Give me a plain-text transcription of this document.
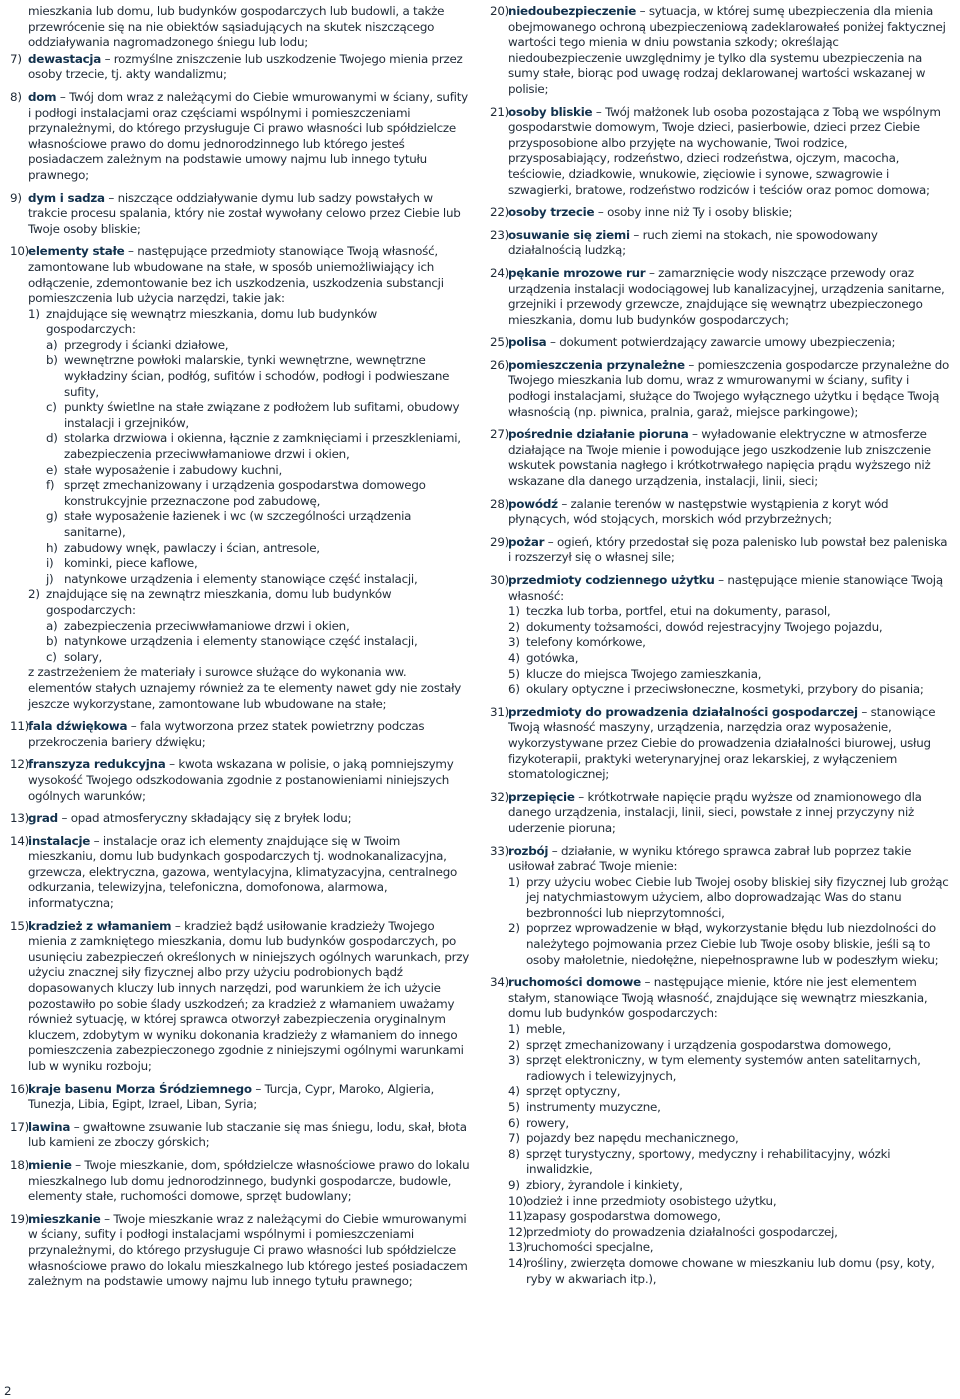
mieszkania lub domu, lub budynków gospodarczych lub budowli, a także przewrócenie się na nie obiektów sąsiadujących na skutek niszczącego oddziaływania nagromadzonego śniegu lub lodu;

7) dewastacja – rozmyślne zniszczenie lub uszkodzenie Twojego mienia przez osoby trzecie, tj. akty wandalizmu;
8) dom – Twój dom wraz z należącymi do Ciebie wmurowanymi w ściany, sufity i podłogi instalacjami oraz częściami wspólnymi i pomieszczeniami przynależnymi, do którego przysługuje Ci prawo własności lub spółdzielcze własnościowe prawo do domu jednorodzinnego lub którego jesteś posiadaczem zależnym na podstawie umowy najmu lub innego tytułu prawnego;
9) dym i sadza – niszczące oddziaływanie dymu lub sadzy powstałych w trakcie procesu spalania, który nie został wywołany celowo przez Ciebie lub Twoje osoby bliskie;
10)
elementy stałe – następujące przedmioty stanowiące Twoją własność, zamontowane lub wbudowane na stałe, w sposób uniemożliwiający ich odłączenie, zdemontowanie bez ich uszkodzenia, uszkodzenia substancji pomieszczenia lub użycia narzędzi, takie jak:
1) znajdujące się wewnątrz mieszkania, domu lub budynków gospodarczych:
a) przegrody i ścianki działowe,
b) wewnętrzne powłoki malarskie, tynki wewnętrzne, wewnętrzne wykładziny ścian, podłóg, sufitów i schodów, podłogi i podwieszane sufity,
c) punkty świetlne na stałe związane z podłożem lub sufitami, obudowy instalacji i grzejników,
d) stolarka drzwiowa i okienna, łącznie z zamknięciami i przeszkleniami, zabezpieczenia przeciwwłamaniowe drzwi i okien,
e) stałe wyposażenie i zabudowy kuchni,
f) sprzęt zmechanizowany i urządzenia gospodarstwa domowego konstrukcyjnie przeznaczone pod zabudowę,
g) stałe wyposażenie łazienek i wc (w szczególności urządzenia sanitarne),
h) zabudowy wnęk, pawlaczy i ścian, antresole,
i) kominki, piece kaflowe,
j) natynkowe urządzenia i elementy stanowiące część instalacji,
2) znajdujące się na zewnątrz mieszkania, domu lub budynków gospodarczych:
a) zabezpieczenia przeciwwłamaniowe drzwi i okien,
b) natynkowe urządzenia i elementy stanowiące część instalacji,
c) solary,

z zastrzeżeniem że materiały i surowce służące do wykonania ww. elementów stałych uznajemy również za te elementy nawet gdy nie zostały jeszcze wykorzystane, zamontowane lub wbudowane na stałe;

11)
fala dźwiękowa – fala wytworzona przez statek powietrzny podczas przekroczenia bariery dźwięku;
12)
franszyza redukcyjna – kwota wskazana w polisie, o jaką pomniejszymy wysokość Twojego odszkodowania zgodnie z postanowieniami niniejszych ogólnych warunków;
13)
grad – opad atmosferyczny składający się z bryłek lodu;
14)
instalacje – instalacje oraz ich elementy znajdujące się w Twoim mieszkaniu, domu lub budynkach gospodarczych tj. wodnokanalizacyjna, grzewcza, elektryczna, gazowa, wentylacyjna, klimatyzacyjna, centralnego odkurzania, telewizyjna, telefoniczna, domofonowa, alarmowa, informatyczna;
15)
kradzież z włamaniem – kradzież bądź usiłowanie kradzieży Twojego mienia z zamkniętego mieszkania, domu lub budynków gospodarczych, po usunięciu zabezpieczeń określonych w niniejszych ogólnych warunkach, przy użyciu znacznej siły fizycznej albo przy użyciu podrobionych bądź dopasowanych kluczy lub innych narzędzi, pod warunkiem że ich użycie pozostawiło po sobie ślady uszkodzeń; za kradzież z włamaniem uważamy również sytuację, w której sprawca otworzył zabezpieczenia oryginalnym kluczem, zdobytym w wyniku dokonania kradzieży z włamaniem do innego pomieszczenia zabezpieczonego zgodnie z niniejszymi ogólnymi warunkami lub w wyniku rozboju;
16)
kraje basenu Morza Śródziemnego – Turcja, Cypr, Maroko, Algieria, Tunezja, Libia, Egipt, Izrael, Liban, Syria;
17)
lawina – gwałtowne zsuwanie lub staczanie się mas śniegu, lodu, skał, błota lub kamieni ze zboczy górskich;
18)
mienie – Twoje mieszkanie, dom, spółdzielcze własnościowe prawo do lokalu mieszkalnego lub domu jednorodzinnego, budynki gospodarcze, budowle, elementy stałe, ruchomości domowe, sprzęt budowlany;
19)
mieszkanie – Twoje mieszkanie wraz z należącymi do Ciebie wmurowanymi w ściany, sufity i podłogi instalacjami wspólnymi i pomieszczeniami przynależnymi, do którego przysługuje Ci prawo własności lub spółdzielcze własnościowe prawo do lokalu mieszkalnego lub którego jesteś posiadaczem zależnym na podstawie umowy najmu lub innego tytułu prawnego;
20)
niedoubezpieczenie – sytuacja, w której sumę ubezpieczenia dla mienia obejmowanego ochroną ubezpieczeniową zadeklarowałeś poniżej faktycznej wartości tego mienia w dniu powstania szkody; określając niedoubezpieczenie uwzględnimy je tylko dla systemu ubezpieczenia na sumy stałe, biorąc pod uwagę rodzaj deklarowanej wartości wskazanej w polisie;
21)
osoby bliskie – Twój małżonek lub osoba pozostająca z Tobą we wspólnym gospodarstwie domowym, Twoje dzieci, pasierbowie, dzieci przez Ciebie przysposobione albo przyjęte na wychowanie, Twoi rodzice, przysposabiający, rodzeństwo, dzieci rodzeństwa, ojczym, macocha, teściowie, dziadkowie, wnukowie, zięciowie i synowe, szwagrowie i szwagierki, bratowe, rodzeństwo rodziców i teściów oraz pomoc domowa;
22)
osoby trzecie – osoby inne niż Ty i osoby bliskie;
23)
osuwanie się ziemi – ruch ziemi na stokach, nie spowodowany działalnością ludzką;
24)
pękanie mrozowe rur – zamarznięcie wody niszczące przewody oraz urządzenia instalacji wodociągowej lub kanalizacyjnej, urządzenia sanitarne, grzejniki i przewody grzewcze, znajdujące się wewnątrz ubezpieczonego mieszkania, domu lub budynków gospodarczych;
25)
polisa – dokument potwierdzający zawarcie umowy ubezpieczenia;
26)
pomieszczenia przynależne – pomieszczenia gospodarcze przynależne do Twojego mieszkania lub domu, wraz z wmurowanymi w ściany, sufity i podłogi instalacjami, służące do Twojego wyłącznego użytku i będące Twoją własnością (np. piwnica, pralnia, garaż, miejsce parkingowe);
27)
pośrednie działanie pioruna – wyładowanie elektryczne w atmosferze działające na Twoje mienie i powodujące jego uszkodzenie lub zniszczenie wskutek powstania nagłego i krótkotrwałego napięcia prądu wyższego niż wskazane dla danego urządzenia, instalacji, linii, sieci;
28)
powódź – zalanie terenów w następstwie wystąpienia z koryt wód płynących, wód stojących, morskich wód przybrzeżnych;
29)
pożar – ogień, który przedostał się poza palenisko lub powstał bez paleniska i rozszerzył się o własnej sile;
30)
przedmioty codziennego użytku – następujące mienie stanowiące Twoją własność:
1) teczka lub torba, portfel, etui na dokumenty, parasol,
2) dokumenty tożsamości, dowód rejestracyjny Twojego pojazdu,
3) telefony komórkowe,
4) gotówka,
5) klucze do miejsca Twojego zamieszkania,
6) okulary optyczne i przeciwsłoneczne, kosmetyki, przybory do pisania;
31)
przedmioty do prowadzenia działalności gospodarczej – stanowiące Twoją własność maszyny, urządzenia, narzędzia oraz wyposażenie, wykorzystywane przez Ciebie do prowadzenia działalności biurowej, usług fizykoterapii, praktyki weterynaryjnej oraz lekarskiej, z wyłączeniem stomatologicznej;
32)
przepięcie – krótkotrwałe napięcie prądu wyższe od znamionowego dla danego urządzenia, instalacji, linii, sieci, powstałe z innej przyczyny niż uderzenie pioruna;
33)
rozbój – działanie, w wyniku którego sprawca zabrał lub poprzez takie usiłował zabrać Twoje mienie:
1) przy użyciu wobec Ciebie lub Twojej osoby bliskiej siły fizycznej lub grożąc jej natychmiastowym użyciem, albo doprowadzając Was do stanu bezbronności lub nieprzytomności,
2) poprzez wprowadzenie w błąd, wykorzystanie błędu lub niezdolności do należytego pojmowania przez Ciebie lub Twoje osoby bliskie, jeśli są to osoby małoletnie, niedołężne, niepełnosprawne lub w podeszłym wieku;
34)
ruchomości domowe – następujące mienie, które nie jest elementem stałym, stanowiące Twoją własność, znajdujące się wewnątrz mieszkania, domu lub budynków gospodarczych:
1) meble,
2) sprzęt zmechanizowany i urządzenia gospodarstwa domowego,
3) sprzęt elektroniczny, w tym elementy systemów anten satelitarnych, radiowych i telewizyjnych,
4) sprzęt optyczny,
5) instrumenty muzyczne,
6) rowery,
7) pojazdy bez napędu mechanicznego,
8) sprzęt turystyczny, sportowy, medyczny i rehabilitacyjny, wózki inwalidzkie,
9) zbiory, żyrandole i kinkiety,
10)
odzież i inne przedmioty osobistego użytku,
11)
zapasy gospodarstwa domowego,
12)
przedmioty do prowadzenia działalności gospodarczej,
13)
ruchomości specjalne,
14)
rośliny, zwierzęta domowe chowane w mieszkaniu lub domu (psy, koty, ryby w akwariach itp.),
2
